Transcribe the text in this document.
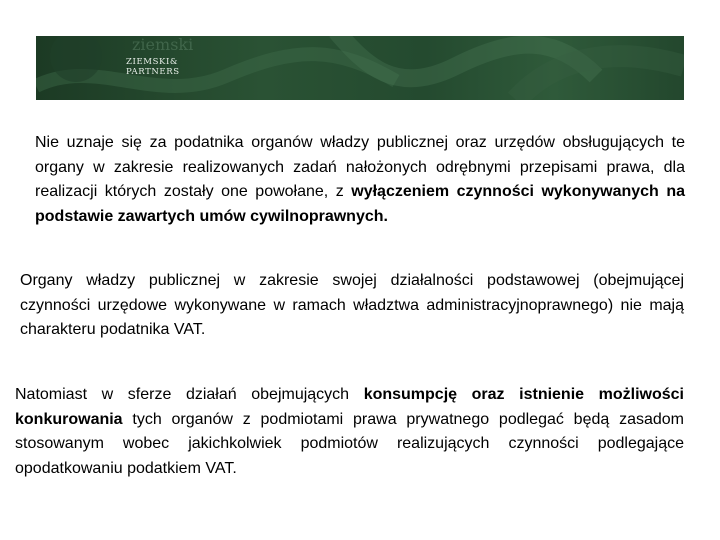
ziemski
ZIEMSKI&
PARTNERS

Nie uznaje się za podatnika organów władzy publicznej oraz urzędów obsługujących te organy w zakresie realizowanych zadań nałożonych odrębnymi przepisami prawa, dla realizacji których zostały one powołane, z wyłączeniem czynności wykonywanych na podstawie zawartych umów cywilnoprawnych.

Organy władzy publicznej w zakresie swojej działalności podstawowej (obejmującej czynności urzędowe wykonywane w ramach władztwa administracyjnoprawnego) nie mają charakteru podatnika VAT.

Natomiast w sferze działań obejmujących konsumpcję oraz istnienie możliwości konkurowania tych organów z podmiotami prawa prywatnego podlegać będą zasadom stosowanym wobec jakichkolwiek podmiotów realizujących czynności podlegające opodatkowaniu podatkiem VAT.
